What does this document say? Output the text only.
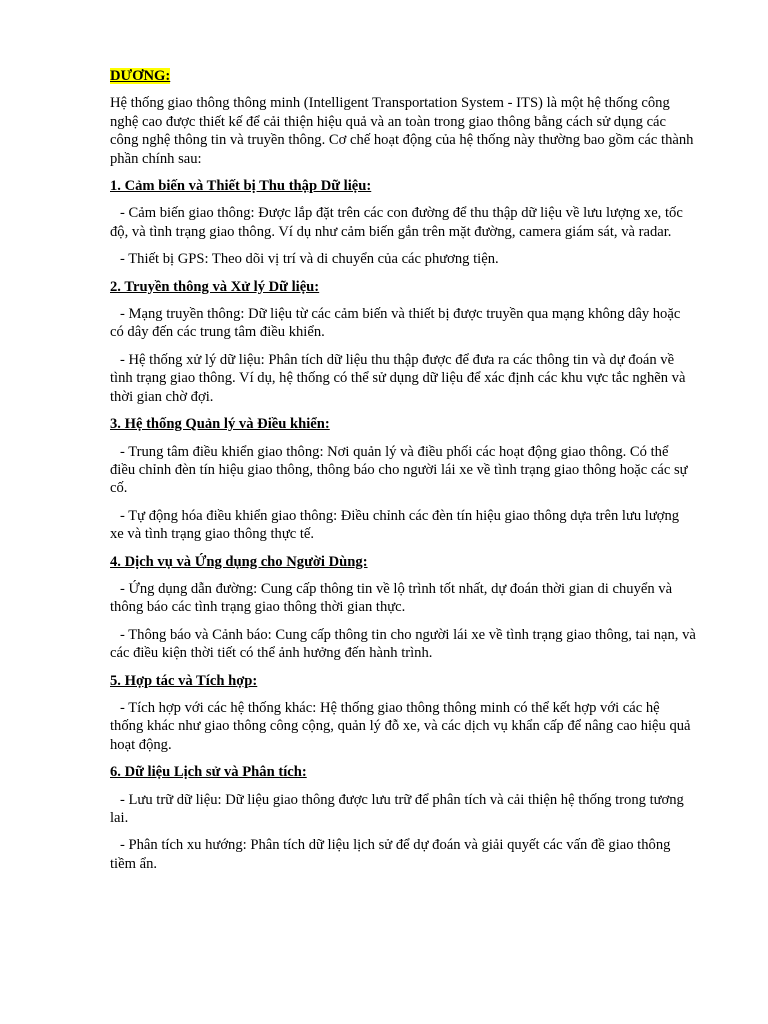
DƯƠNG:

Hệ thống giao thông thông minh (Intelligent Transportation System - ITS) là một hệ thống công nghệ cao được thiết kế để cải thiện hiệu quả và an toàn trong giao thông bằng cách sử dụng các công nghệ thông tin và truyền thông. Cơ chế hoạt động của hệ thống này thường bao gồm các thành phần chính sau:

1. Cảm biến và Thiết bị Thu thập Dữ liệu:

- Cảm biến giao thông: Được lắp đặt trên các con đường để thu thập dữ liệu về lưu lượng xe, tốc độ, và tình trạng giao thông. Ví dụ như cảm biến gắn trên mặt đường, camera giám sát, và radar.

- Thiết bị GPS: Theo dõi vị trí và di chuyển của các phương tiện.

2. Truyền thông và Xử lý Dữ liệu:

- Mạng truyền thông: Dữ liệu từ các cảm biến và thiết bị được truyền qua mạng không dây hoặc có dây đến các trung tâm điều khiển.

- Hệ thống xử lý dữ liệu: Phân tích dữ liệu thu thập được để đưa ra các thông tin và dự đoán về tình trạng giao thông. Ví dụ, hệ thống có thể sử dụng dữ liệu để xác định các khu vực tắc nghẽn và thời gian chờ đợi.

3. Hệ thống Quản lý và Điều khiển:

- Trung tâm điều khiển giao thông: Nơi quản lý và điều phối các hoạt động giao thông. Có thể điều chỉnh đèn tín hiệu giao thông, thông báo cho người lái xe về tình trạng giao thông hoặc các sự cố.

- Tự động hóa điều khiển giao thông: Điều chỉnh các đèn tín hiệu giao thông dựa trên lưu lượng xe và tình trạng giao thông thực tế.

4. Dịch vụ và Ứng dụng cho Người Dùng:

- Ứng dụng dẫn đường: Cung cấp thông tin về lộ trình tốt nhất, dự đoán thời gian di chuyển và thông báo các tình trạng giao thông thời gian thực.

- Thông báo và Cảnh báo: Cung cấp thông tin cho người lái xe về tình trạng giao thông, tai nạn, và các điều kiện thời tiết có thể ảnh hưởng đến hành trình.

5. Hợp tác và Tích hợp:

- Tích hợp với các hệ thống khác: Hệ thống giao thông thông minh có thể kết hợp với các hệ thống khác như giao thông công cộng, quản lý đỗ xe, và các dịch vụ khẩn cấp để nâng cao hiệu quả hoạt động.

6. Dữ liệu Lịch sử và Phân tích:

- Lưu trữ dữ liệu: Dữ liệu giao thông được lưu trữ để phân tích và cải thiện hệ thống trong tương lai.

- Phân tích xu hướng: Phân tích dữ liệu lịch sử để dự đoán và giải quyết các vấn đề giao thông tiềm ẩn.
